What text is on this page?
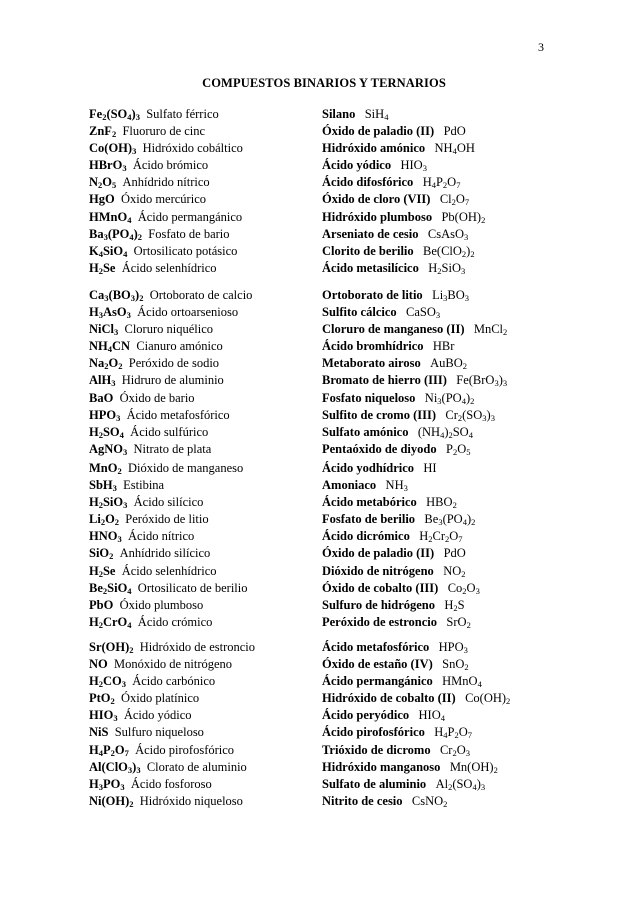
3
COMPUESTOS BINARIOS Y TERNARIOS
$Fe_2(SO_4)_3$ Sulfato férrico
ZnF$_2$ Fluoruro de cinc
$Co(OH)_3$ Hidróxido cobáltico
HBrO$_3$ Ácido brómico
$N_2O_5$ Anhídrido nítrico
HgO Óxido mercúrico
HMnO$_4$ Ácido permangánico
$Ba_3(PO_4)_2$ Fosfato de bario
$K_4SiO_4$ Ortosilicato potásico
$H_2Se$ Ácido selenhídrico
Silano SiH$_4$
Óxido de paladio (II) PdO
Hidróxido amónico $NH_4OH$
Ácido yódico $HIO_3$
Ácido difosfórico $H_4P_2O_7$
Óxido de cloro (VII) $Cl_2O_7$
Hidróxido plumboso $Pb(OH)_2$
Arseniato de cesio CsAsO$_3$
Clorito de berilio $Be(ClO_2)_2$
Ácido metasilícico $H_2SiO_3$
$Ca_3(BO_3)_2$ Ortoborato de calcio
$H_3AsO_3$ Ácido ortoarsenioso
NiCl$_3$ Cloruro niquélico
$NH_4CN$ Cianuro amónico
$Na_2O_2$ Peróxido de sodio
AlH$_3$ Hidruro de aluminio
BaO Óxido de bario
$HPO_3$ Ácido metafosfórico
$H_2SO_4$ Ácido sulfúrico
AgNO$_3$ Nitrato de plata
Ortoborato de litio $Li_3BO_3$
Sulfito cálcico CaSO$_3$
Cloruro de manganeso (II) MnCl$_2$
Ácido bromhídrico HBr
Metaborato airoso AuBO$_2$
Bromato de hierro (III) $Fe(BrO_3)_3$
Fosfato niqueloso $Ni_3(PO_4)_2$
Sulfito de cromo (III) $Cr_2(SO_3)_3$
Sulfato amónico $(NH_4)_2SO_4$
Pentaóxido de diyodo $P_2O_5$
MnO$_2$ Dióxido de manganeso
SbH$_3$ Estibina
$H_2SiO_3$ Ácido silícico
$Li_2O_2$ Peróxido de litio
$HNO_3$ Ácido nítrico
SiO$_2$ Anhídrido silícico
$H_2Se$ Ácido selenhídrico
$Be_2SiO_4$ Ortosilicato de berilio
PbO Óxido plumboso
$H_2CrO_4$ Ácido crómico
Ácido yodhídrico HI
Amoniaco $NH_3$
Ácido metabórico $HBO_2$
Fosfato de berilio $Be_3(PO_4)_2$
Ácido dicrómico $H_2Cr_2O_7$
Óxido de paladio (II) PdO
Dióxido de nitrógeno $NO_2$
Óxido de cobalto (III) $Co_2O_3$
Sulfuro de hidrógeno $H_2S$
Peróxido de estroncio SrO$_2$
$Sr(OH)_2$ Hidróxido de estroncio
NO Monóxido de nitrógeno
$H_2CO_3$ Ácido carbónico
PtO$_2$ Óxido platínico
$HIO_3$ Ácido yódico
NiS Sulfuro niqueloso
$H_4P_2O_7$ Ácido pirofosfórico
$Al(ClO_3)_3$ Clorato de aluminio
$H_3PO_3$ Ácido fosforoso
$Ni(OH)_2$ Hidróxido niqueloso
Ácido metafosfórico $HPO_3$
Óxido de estaño (IV) SnO$_2$
Ácido permangánico HMnO$_4$
Hidróxido de cobalto (II) $Co(OH)_2$
Ácido peryódico $HIO_4$
Ácido pirofosfórico $H_4P_2O_7$
Trióxido de dicromo $Cr_2O_3$
Hidróxido manganoso $Mn(OH)_2$
Sulfato de aluminio $Al_2(SO_4)_3$
Nitrito de cesio CsNO$_2$
